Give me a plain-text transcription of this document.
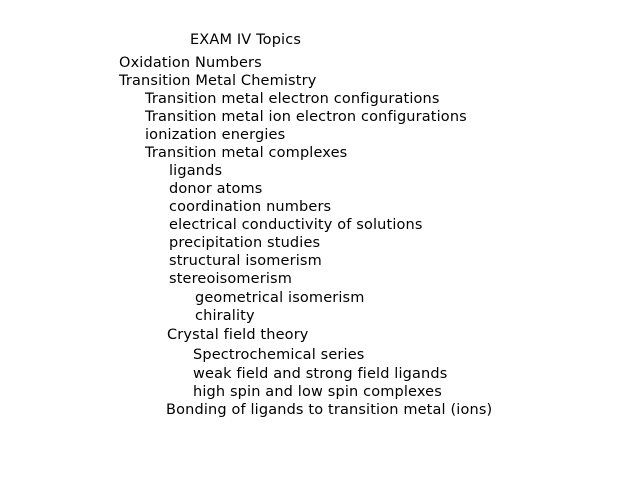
EXAM IV Topics
Oxidation Numbers
Transition Metal Chemistry
Transition metal electron configurations
Transition metal ion electron configurations
ionization energies
Transition metal complexes
ligands
donor atoms
coordination numbers
electrical conductivity of solutions
precipitation studies
structural isomerism
stereoisomerism
geometrical isomerism
chirality
Crystal field theory
Spectrochemical series
weak field and strong field ligands
high spin and low spin complexes
Bonding of ligands to transition metal (ions)
